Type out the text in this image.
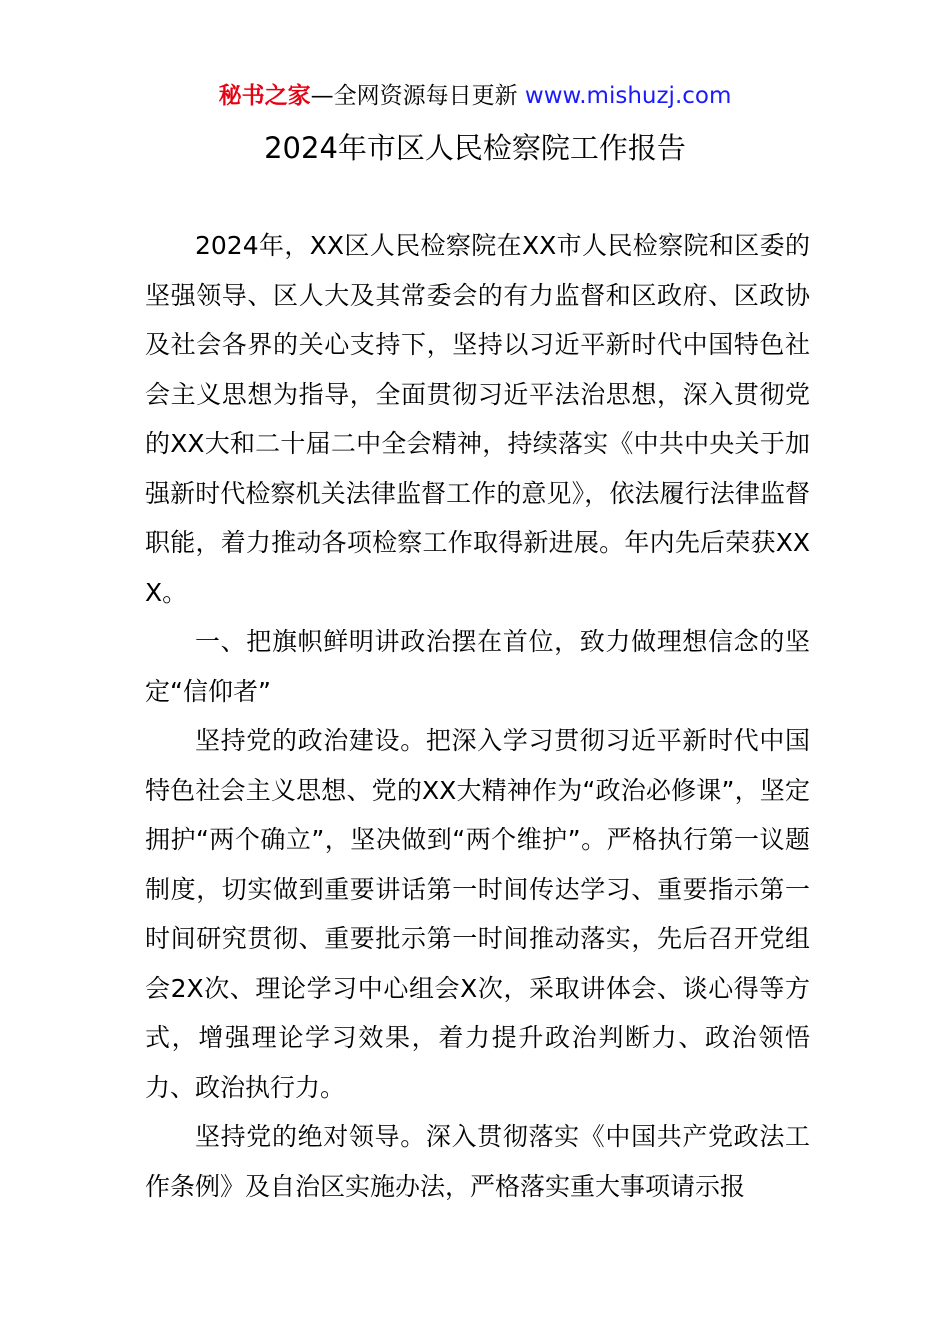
秘书之家—全网资源每日更新 www.mishuzj.com
2024年市区人民检察院工作报告

2024年，XX区人民检察院在XX市人民检察院和区委的坚强领导、区人大及其常委会的有力监督和区政府、区政协及社会各界的关心支持下，坚持以习近平新时代中国特色社会主义思想为指导，全面贯彻习近平法治思想，深入贯彻党的XX大和二十届二中全会精神，持续落实《中共中央关于加强新时代检察机关法律监督工作的意见》，依法履行法律监督职能，着力推动各项检察工作取得新进展。年内先后荣获XXX。

一、把旗帜鲜明讲政治摆在首位，致力做理想信念的坚定“信仰者”

坚持党的政治建设。把深入学习贯彻习近平新时代中国特色社会主义思想、党的XX大精神作为“政治必修课”，坚定拥护“两个确立”，坚决做到“两个维护”。严格执行第一议题制度，切实做到重要讲话第一时间传达学习、重要指示第一时间研究贯彻、重要批示第一时间推动落实，先后召开党组会2X次、理论学习中心组会X次，采取讲体会、谈心得等方式，增强理论学习效果，着力提升政治判断力、政治领悟力、政治执行力。

坚持党的绝对领导。深入贯彻落实《中国共产党政法工作条例》及自治区实施办法，严格落实重大事项请示报
